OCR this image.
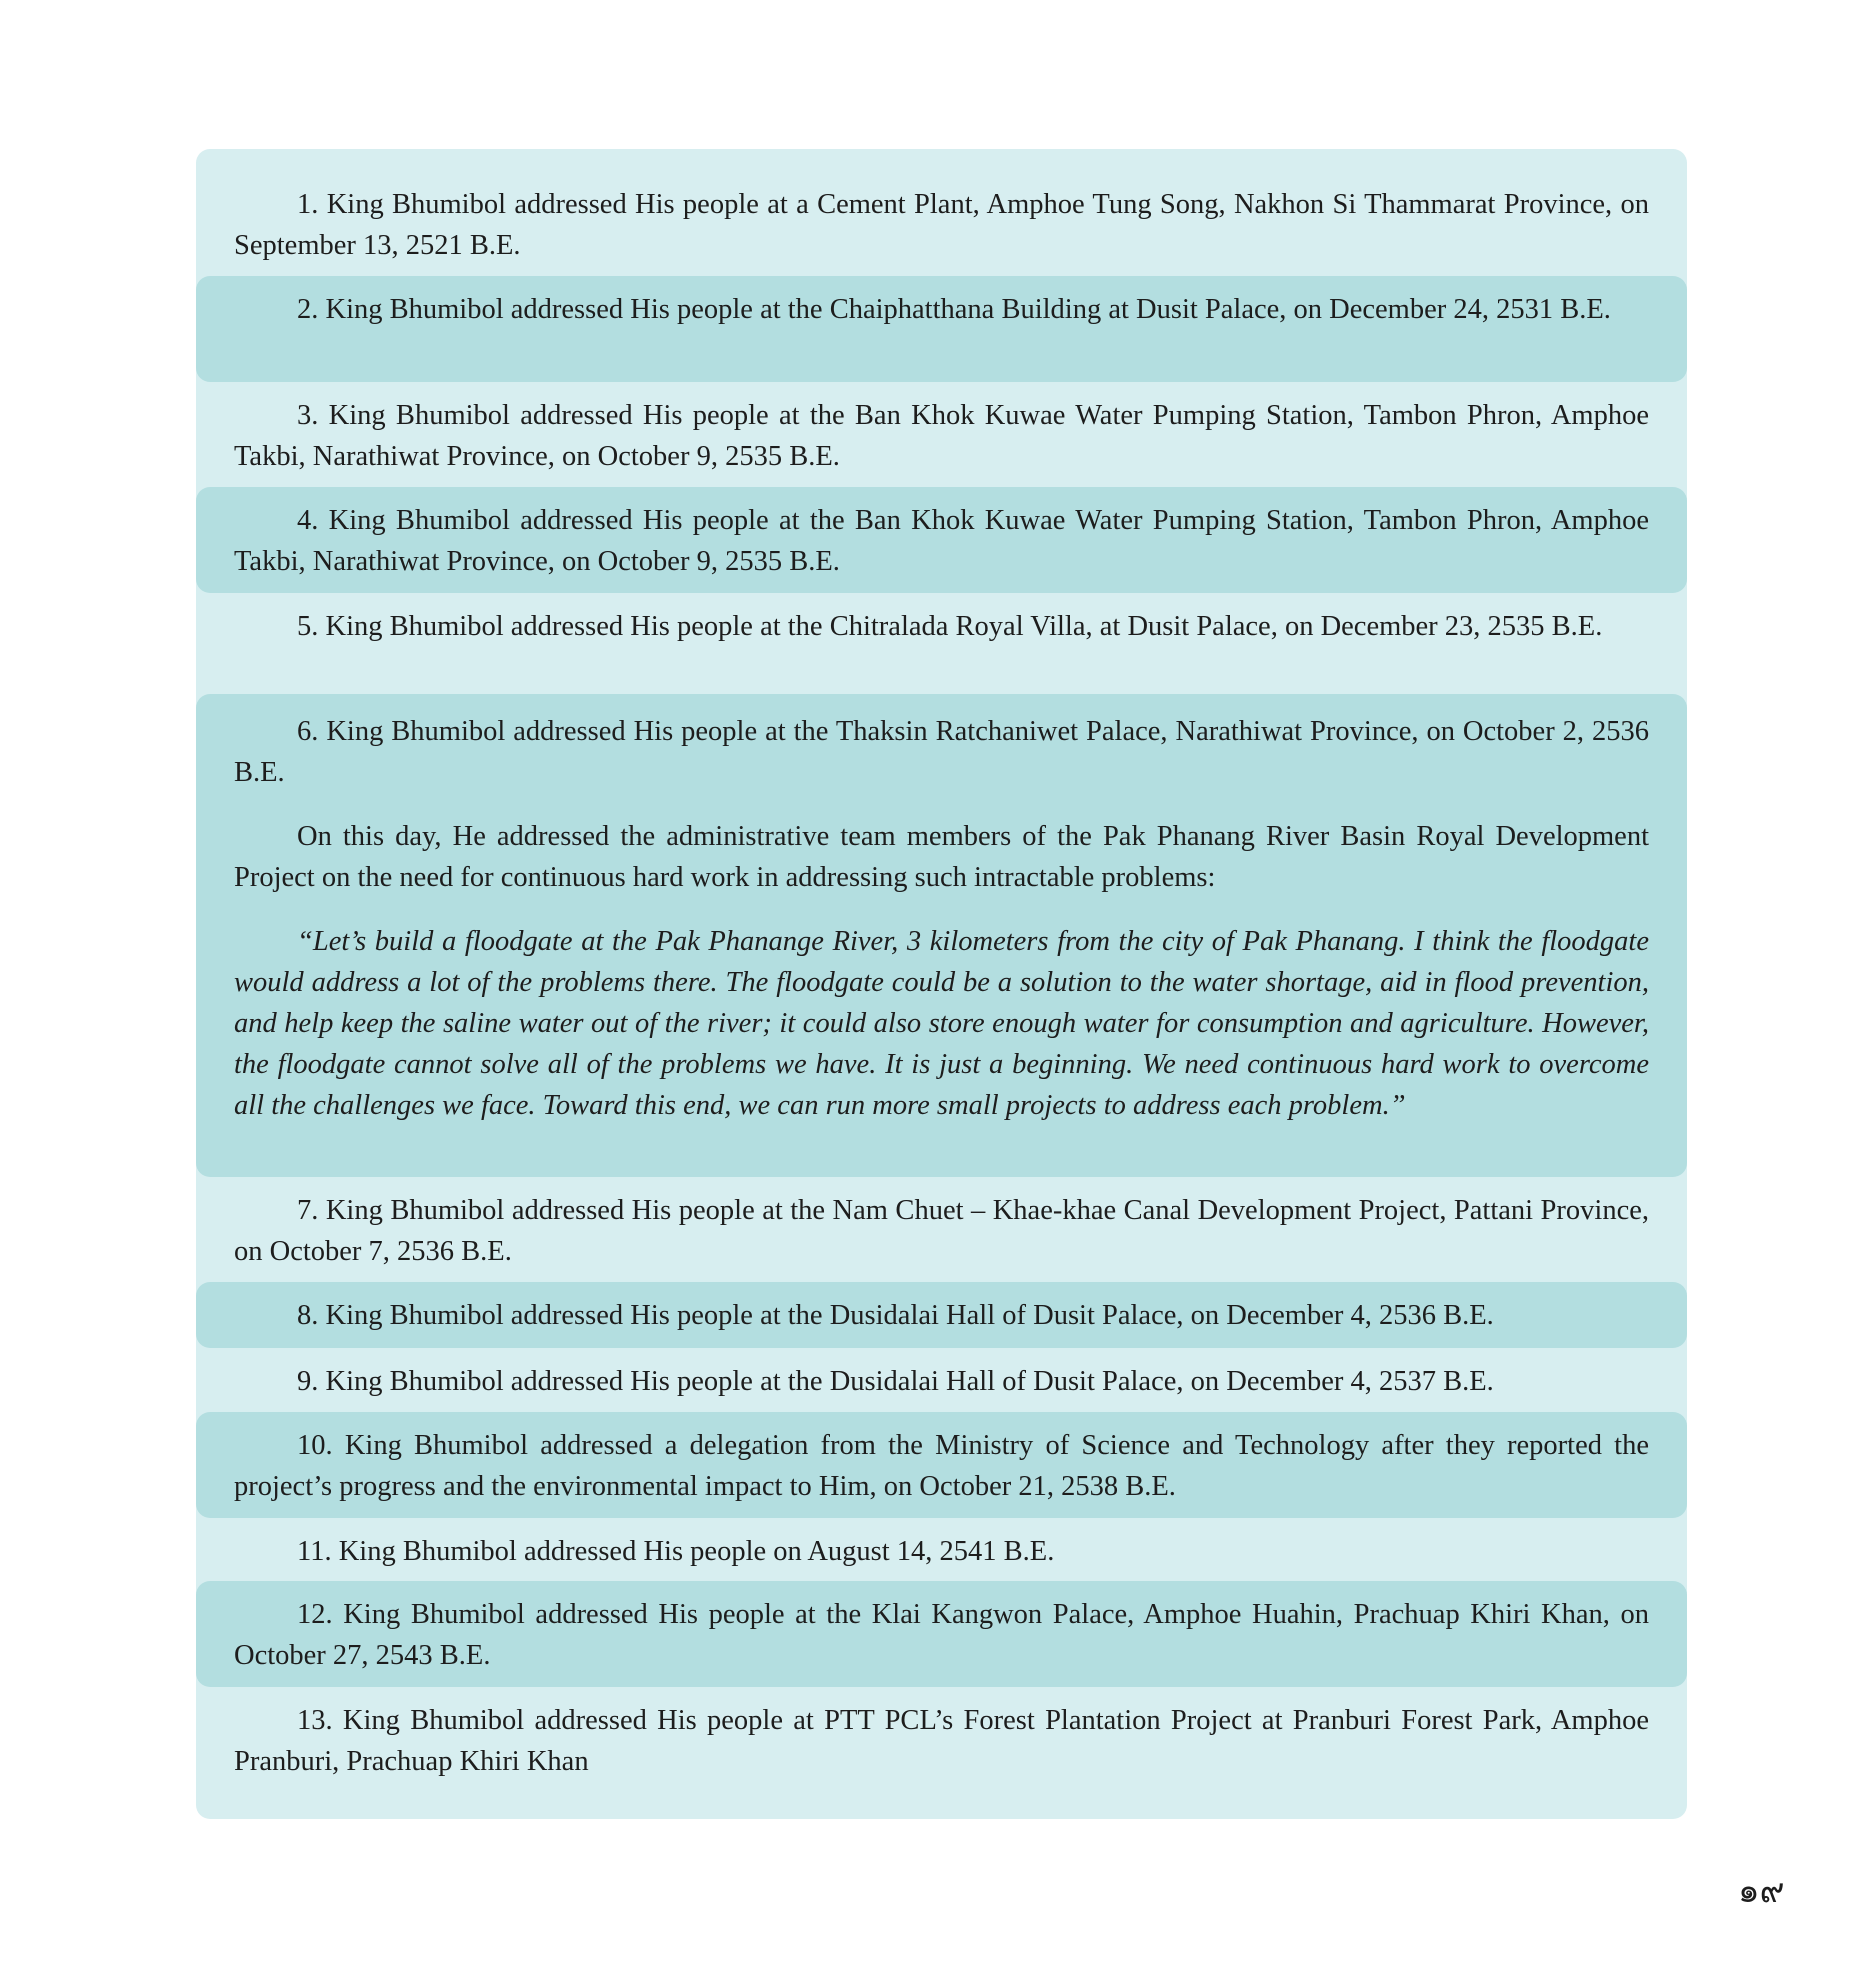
1. King Bhumibol addressed His people at a Cement Plant, Amphoe Tung Song, Nakhon Si Thammarat Province, on September 13, 2521 B.E.

2. King Bhumibol addressed His people at the Chaiphatthana Building at Dusit Palace, on December 24, 2531 B.E.

3. King Bhumibol addressed His people at the Ban Khok Kuwae Water Pumping Station, Tambon Phron, Amphoe Takbi, Narathiwat Province, on October 9, 2535 B.E.

4. King Bhumibol addressed His people at the Ban Khok Kuwae Water Pumping Station, Tambon Phron, Amphoe Takbi, Narathiwat Province, on October 9, 2535 B.E.

5. King Bhumibol addressed His people at the Chitralada Royal Villa, at Dusit Palace, on December 23, 2535 B.E.

6. King Bhumibol addressed His people at the Thaksin Ratchaniwet Palace, Narathiwat Province, on October 2, 2536 B.E.

On this day, He addressed the administrative team members of the Pak Phanang River Basin Royal Development Project on the need for continuous hard work in addressing such intractable problems:

“Let’s build a floodgate at the Pak Phanange River, 3 kilometers from the city of Pak Phanang. I think the floodgate would address a lot of the problems there. The floodgate could be a solution to the water shortage, aid in flood prevention, and help keep the saline water out of the river; it could also store enough water for consumption and agriculture. However, the floodgate cannot solve all of the problems we have. It is just a beginning. We need continuous hard work to overcome all the challenges we face. Toward this end, we can run more small projects to address each problem.”

7. King Bhumibol addressed His people at the Nam Chuet – Khae-khae Canal Development Project, Pattani Province, on October 7, 2536 B.E.

8. King Bhumibol addressed His people at the Dusidalai Hall of Dusit Palace, on December 4, 2536 B.E.

9. King Bhumibol addressed His people at the Dusidalai Hall of Dusit Palace, on December 4, 2537 B.E.

10. King Bhumibol addressed a delegation from the Ministry of Science and Technology after they reported the project’s progress and the environmental impact to Him, on October 21, 2538 B.E.

11. King Bhumibol addressed His people on August 14, 2541 B.E.

12. King Bhumibol addressed His people at the Klai Kangwon Palace, Amphoe Huahin, Prachuap Khiri Khan, on October 27, 2543 B.E.

13. King Bhumibol addressed His people at PTT PCL’s Forest Plantation Project at Pranburi Forest Park, Amphoe Pranburi, Prachuap Khiri Khan

๑๙
